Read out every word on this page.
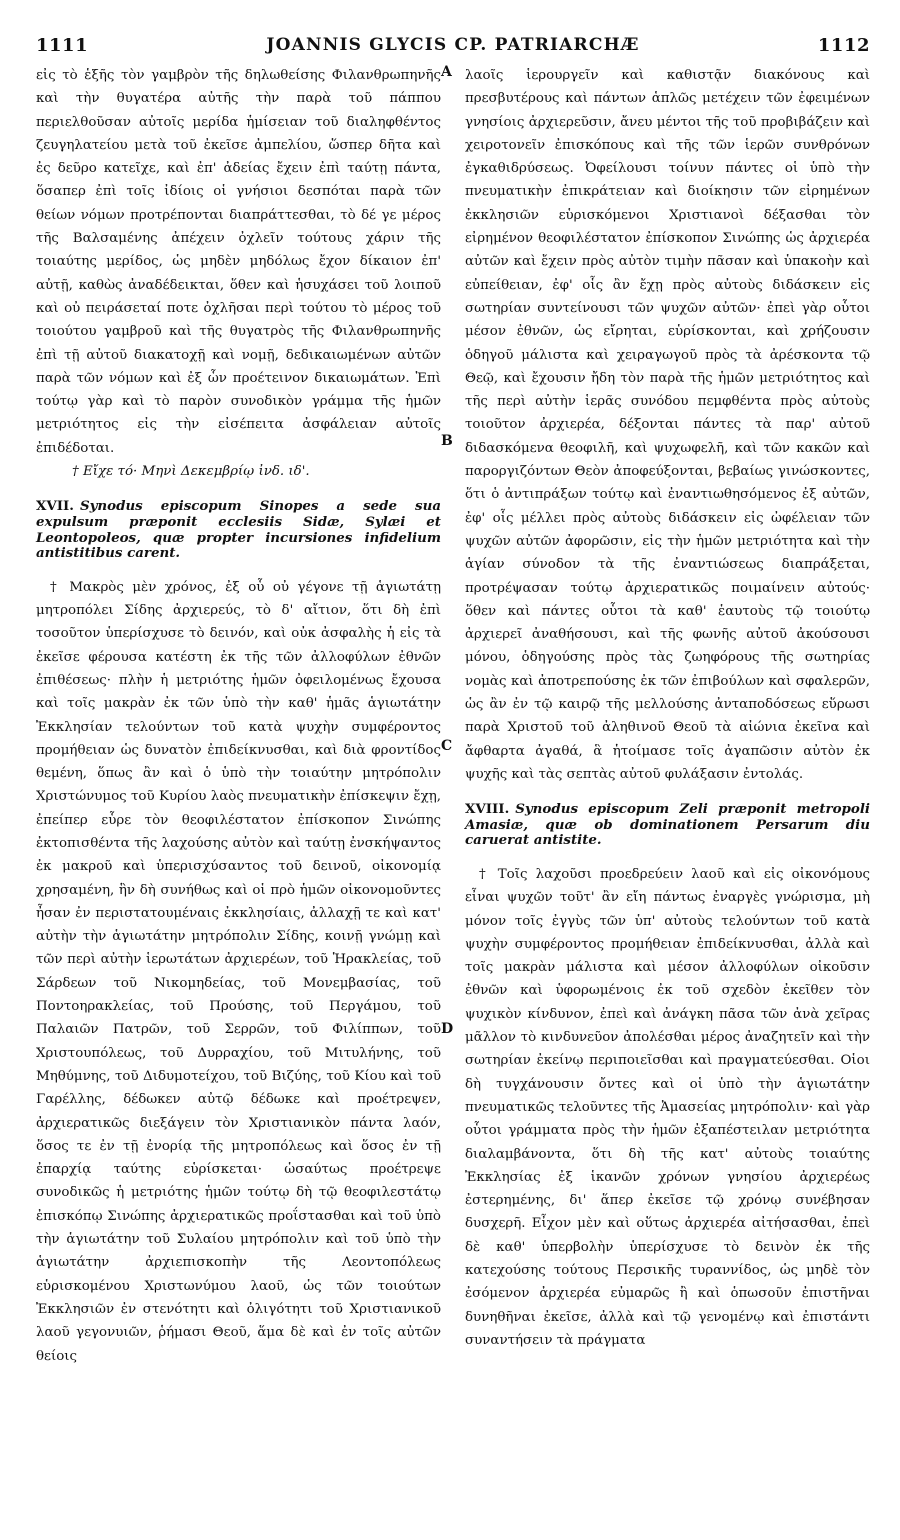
1111	JOANNIS GLYCIS CP. PATRIARCHÆ	1112

εἰς τὸ ἑξῆς τὸν γαμβρὸν τῆς δηλωθείσης Φιλανθρωπηνῆς καὶ τὴν θυγατέρα αὐτῆς τὴν παρὰ τοῦ πάππου περιελθοῦσαν αὐτοῖς μερίδα ἡμίσειαν τοῦ διαληφθέντος ζευγηλατείου μετὰ τοῦ ἐκεῖσε ἀμπελίου, ὥσπερ δῆτα καὶ ἐς δεῦρο κατεῖχε, καὶ ἐπ' ἀδείας ἔχειν ἐπὶ ταύτῃ πάντα, ὅσαπερ ἐπὶ τοῖς ἰδίοις οἱ γνήσιοι δεσπόται παρὰ τῶν θείων νόμων προτρέπονται διαπράττεσθαι, τὸ δέ γε μέρος τῆς Βαλσαμένης ἀπέχειν ὀχλεῖν τούτους χάριν τῆς τοιαύτης μερίδος, ὡς μηδὲν μηδόλως ἔχον δίκαιον ἐπ' αὐτῇ, καθὼς ἀναδέδεικται, ὅθεν καὶ ἡσυχάσει τοῦ λοιποῦ καὶ οὐ πειράσεταί ποτε ὀχλῆσαι περὶ τούτου τὸ μέρος τοῦ τοιούτου γαμβροῦ καὶ τῆς θυγατρὸς τῆς Φιλανθρωπηνῆς ἐπὶ τῇ αὐτοῦ διακατοχῇ καὶ νομῇ, δεδικαιωμένων αὐτῶν παρὰ τῶν νόμων καὶ ἐξ ὧν προέτεινον δικαιωμάτων. Ἐπὶ τούτῳ γὰρ καὶ τὸ παρὸν συνοδικὸν γράμμα τῆς ἡμῶν μετριότητος εἰς τὴν εἰσέπειτα ἀσφάλειαν αὐτοῖς ἐπιδέδοται.

† Εἴχε τό· Μηνὶ Δεκεμβρίῳ ἰνδ. ιδ'.

XVII. Synodus episcopum Sinopes a sede sua expulsum præponit ecclesiis Sidæ, Sylæi et Leontopoleos, quæ propter incursiones infidelium antistitibus carent.

† Μακρὸς μὲν χρόνος, ἐξ οὗ οὐ γέγονε τῇ ἁγιωτάτῃ μητροπόλει Σίδης ἀρχιερεύς, τὸ δ' αἴτιον, ὅτι δὴ ἐπὶ τοσοῦτον ὑπερίσχυσε τὸ δεινόν, καὶ οὐκ ἀσφαλὴς ἡ εἰς τὰ ἐκεῖσε φέρουσα κατέστη ἐκ τῆς τῶν ἀλλοφύλων ἐθνῶν ἐπιθέσεως· πλὴν ἡ μετριότης ἡμῶν ὀφειλομένως ἔχουσα καὶ τοῖς μακρὰν ἐκ τῶν ὑπὸ τὴν καθ' ἡμᾶς ἁγιωτάτην Ἐκκλησίαν τελούντων τοῦ κατὰ ψυχὴν συμφέροντος προμήθειαν ὡς δυνατὸν ἐπιδείκνυσθαι, καὶ διὰ φροντίδος θεμένη, ὅπως ἂν καὶ ὁ ὑπὸ τὴν τοιαύτην μητρόπολιν Χριστώνυμος τοῦ Κυρίου λαὸς πνευματικὴν ἐπίσκεψιν ἔχῃ, ἐπείπερ εὗρε τὸν θεοφιλέστατον ἐπίσκοπον Σινώπης ἐκτοπισθέντα τῆς λαχούσης αὐτὸν καὶ ταύτῃ ἐνσκήψαντος ἐκ μακροῦ καὶ ὑπερισχύσαντος τοῦ δεινοῦ, οἰκονομίᾳ χρησαμένη, ἣν δὴ συνήθως καὶ οἱ πρὸ ἡμῶν οἰκονομοῦντες ἦσαν ἐν περιστατουμέναις ἐκκλησίαις, ἀλλαχῇ τε καὶ κατ' αὐτὴν τὴν ἁγιωτάτην μητρόπολιν Σίδης, κοινῇ γνώμῃ καὶ τῶν περὶ αὐτὴν ἱερωτάτων ἀρχιερέων, τοῦ Ἡρακλείας, τοῦ Σάρδεων τοῦ Νικομηδείας, τοῦ Μονεμβασίας, τοῦ Ποντοηρακλείας, τοῦ Προύσης, τοῦ Περγάμου, τοῦ Παλαιῶν Πατρῶν, τοῦ Σερρῶν, τοῦ Φιλίππων, τοῦ Χριστουπόλεως, τοῦ Δυρραχίου, τοῦ Μιτυλήνης, τοῦ Μηθύμνης, τοῦ Διδυμοτείχου, τοῦ Βιζύης, τοῦ Κίου καὶ τοῦ Γαρέλλης, δέδωκεν αὐτῷ δέδωκε καὶ προέτρεψεν, ἀρχιερατικῶς διεξάγειν τὸν Χριστιανικὸν πάντα λαόν, ὅσος τε ἐν τῇ ἐνορίᾳ τῆς μητροπόλεως καὶ ὅσος ἐν τῇ ἐπαρχίᾳ ταύτης εὑρίσκεται· ὡσαύτως προέτρεψε συνοδικῶς ἡ μετριότης ἡμῶν τούτῳ δὴ τῷ θεοφιλεστάτῳ ἐπισκόπῳ Σινώπης ἀρχιερατικῶς προΐστασθαι καὶ τοῦ ὑπὸ τὴν ἁγιωτάτην τοῦ Συλαίου μητρόπολιν καὶ τοῦ ὑπὸ τὴν ἁγιωτάτην ἀρχιεπισκοπὴν τῆς Λεοντοπόλεως εὑρισκομένου Χριστωνύμου λαοῦ, ὡς τῶν τοιούτων Ἐκκλησιῶν ἐν στενότητι καὶ ὀλιγότητι τοῦ Χριστιανικοῦ λαοῦ γεγονυιῶν, ῥήμασι Θεοῦ, ἅμα δὲ καὶ ἐν τοῖς αὐτῶν θείοις

λαοῖς ἱερουργεῖν καὶ καθιστᾷν διακόνους καὶ πρεσβυτέρους καὶ πάντων ἁπλῶς μετέχειν τῶν ἐφειμένων γνησίοις ἀρχιερεῦσιν, ἄνευ μέντοι τῆς τοῦ προβιβάζειν καὶ χειροτονεῖν ἐπισκόπους καὶ τῆς τῶν ἱερῶν συνθρόνων ἐγκαθιδρύσεως. Ὀφείλουσι τοίνυν πάντες οἱ ὑπὸ τὴν πνευματικὴν ἐπικράτειαν καὶ διοίκησιν τῶν εἰρημένων ἐκκλησιῶν εὑρισκόμενοι Χριστιανοὶ δέξασθαι τὸν εἰρημένον θεοφιλέστατον ἐπίσκοπον Σινώπης ὡς ἀρχιερέα αὐτῶν καὶ ἔχειν πρὸς αὐτὸν τιμὴν πᾶσαν καὶ ὑπακοὴν καὶ εὐπείθειαν, ἐφ' οἷς ἂν ἔχῃ πρὸς αὐτοὺς διδάσκειν εἰς σωτηρίαν συντείνουσι τῶν ψυχῶν αὐτῶν· ἐπεὶ γὰρ οὗτοι μέσον ἐθνῶν, ὡς εἴρηται, εὑρίσκονται, καὶ χρήζουσιν ὁδηγοῦ μάλιστα καὶ χειραγωγοῦ πρὸς τὰ ἀρέσκοντα τῷ Θεῷ, καὶ ἔχουσιν ἤδη τὸν παρὰ τῆς ἡμῶν μετριότητος καὶ τῆς περὶ αὐτὴν ἱερᾶς συνόδου πεμφθέντα πρὸς αὐτοὺς τοιοῦτον ἀρχιερέα, δέξονται πάντες τὰ παρ' αὐτοῦ διδασκόμενα θεοφιλῆ, καὶ ψυχωφελῆ, καὶ τῶν κακῶν καὶ παροργιζόντων Θεὸν ἀποφεύξονται, βεβαίως γινώσκοντες, ὅτι ὁ ἀντιπράξων τούτῳ καὶ ἐναντιωθησόμενος ἐξ αὐτῶν, ἐφ' οἷς μέλλει πρὸς αὐτοὺς διδάσκειν εἰς ὠφέλειαν τῶν ψυχῶν αὐτῶν ἀφορῶσιν, εἰς τὴν ἡμῶν μετριότητα καὶ τὴν ἁγίαν σύνοδον τὰ τῆς ἐναντιώσεως διαπράξεται, προτρέψασαν τούτῳ ἀρχιερατικῶς ποιμαίνειν αὐτούς· ὅθεν καὶ πάντες οὗτοι τὰ καθ' ἑαυτοὺς τῷ τοιούτῳ ἀρχιερεῖ ἀναθήσουσι, καὶ τῆς φωνῆς αὐτοῦ ἀκούσουσι μόνου, ὁδηγούσης πρὸς τὰς ζωηφόρους τῆς σωτηρίας νομὰς καὶ ἀποτρεπούσης ἐκ τῶν ἐπιβούλων καὶ σφαλερῶν, ὡς ἂν ἐν τῷ καιρῷ τῆς μελλούσης ἀνταποδόσεως εὕρωσι παρὰ Χριστοῦ τοῦ ἀληθινοῦ Θεοῦ τὰ αἰώνια ἐκεῖνα καὶ ἄφθαρτα ἀγαθά, ἃ ἡτοίμασε τοῖς ἀγαπῶσιν αὐτὸν ἐκ ψυχῆς καὶ τὰς σεπτὰς αὐτοῦ φυλάξασιν ἐντολάς.

XVIII. Synodus episcopum Zeli præponit metropoli Amasiæ, quæ ob dominationem Persarum diu caruerat antistite.

† Τοῖς λαχοῦσι προεδρεύειν λαοῦ καὶ εἰς οἰκονόμους εἶναι ψυχῶν τοῦτ' ἂν εἴη πάντως ἐναργὲς γνώρισμα, μὴ μόνον τοῖς ἐγγὺς τῶν ὑπ' αὐτοὺς τελούντων τοῦ κατὰ ψυχὴν συμφέροντος προμήθειαν ἐπιδείκνυσθαι, ἀλλὰ καὶ τοῖς μακρὰν μάλιστα καὶ μέσον ἀλλοφύλων οἰκοῦσιν ἐθνῶν καὶ ὑφορωμένοις ἐκ τοῦ σχεδὸν ἐκεῖθεν τὸν ψυχικὸν κίνδυνον, ἐπεὶ καὶ ἀνάγκη πᾶσα τῶν ἀνὰ χεῖρας μᾶλλον τὸ κινδυνεῦον ἀπολέσθαι μέρος ἀναζητεῖν καὶ τὴν σωτηρίαν ἐκείνῳ περιποιεῖσθαι καὶ πραγματεύεσθαι. Οἱοι δὴ τυγχάνουσιν ὄντες καὶ οἱ ὑπὸ τὴν ἁγιωτάτην πνευματικῶς τελοῦντες τῆς Ἀμασείας μητρόπολιν· καὶ γὰρ οὗτοι γράμματα πρὸς τὴν ἡμῶν ἐξαπέστειλαν μετριότητα διαλαμβάνοντα, ὅτι δὴ τῆς κατ' αὐτοὺς τοιαύτης Ἐκκλησίας ἐξ ἱκανῶν χρόνων γνησίου ἀρχιερέως ἐστερημένης, δι' ἅπερ ἐκεῖσε τῷ χρόνῳ συνέβησαν δυσχερῆ. Εἶχον μὲν καὶ οὕτως ἀρχιερέα αἰτήσασθαι, ἐπεὶ δὲ καθ' ὑπερβολὴν ὑπερίσχυσε τὸ δεινὸν ἐκ τῆς κατεχούσης τούτους Περσικῆς τυραννίδος, ὡς μηδὲ τὸν ἐσόμενον ἀρχιερέα εὐμαρῶς ἢ καὶ ὁπωσοῦν ἐπιστῆναι δυνηθῆναι ἐκεῖσε, ἀλλὰ καὶ τῷ γενομένῳ καὶ ἐπιστάντι συναντήσειν τὰ πράγματα

A
B
C
D
